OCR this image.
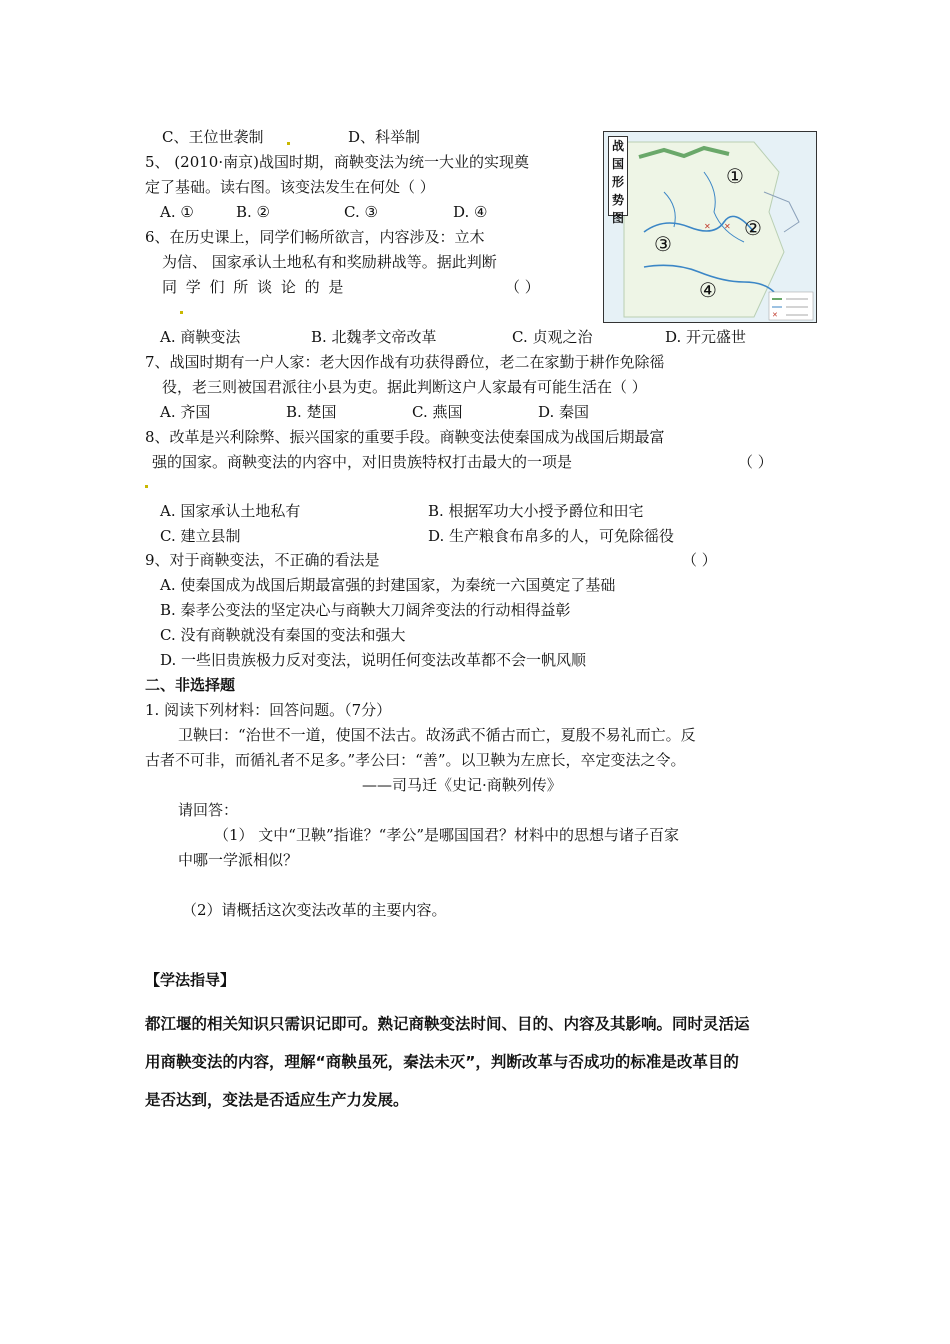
C、王位世袭制	D、科举制
5、 (2010·南京)战国时期，商鞅变法为统一大业的实现奠
定了基础。读右图。该变法发生在何处（ ）
A. ①	B. ②	C. ③	D. ④
6、在历史课上，同学们畅所欲言，内容涉及：立木
为信、 国家承认土地私有和奖励耕战等。据此判断
同 学 们 所 谈 论 的 是	（ ）
A. 商鞅变法	B. 北魏孝文帝改革	C. 贞观之治	D. 开元盛世
✕
✕
✕
战国形势图
①
②
③
④
7、战国时期有一户人家：老大因作战有功获得爵位，老二在家勤于耕作免除徭
役，老三则被国君派往小县为吏。据此判断这户人家最有可能生活在（ ）
A. 齐国	B. 楚国	C. 燕国	D. 秦国
8、改革是兴利除弊、振兴国家的重要手段。商鞅变法使秦国成为战国后期最富
强的国家。商鞅变法的内容中，对旧贵族特权打击最大的一项是	（ ）
A. 国家承认土地私有	B. 根据军功大小授予爵位和田宅
C. 建立县制	D. 生产粮食布帛多的人，可免除徭役
9、对于商鞅变法，不正确的看法是	（ ）
A. 使秦国成为战国后期最富强的封建国家，为秦统一六国奠定了基础
B. 秦孝公变法的坚定决心与商鞅大刀阔斧变法的行动相得益彰
C. 没有商鞅就没有秦国的变法和强大
D. 一些旧贵族极力反对变法，说明任何变法改革都不会一帆风顺
二、非选择题
1. 阅读下列材料：回答问题。（7分）
卫鞅曰：“治世不一道，使国不法古。故汤武不循古而亡，夏殷不易礼而亡。反
古者不可非，而循礼者不足多。”孝公曰：“善”。以卫鞅为左庶长，卒定变法之令。
——司马迁《史记·商鞅列传》
请回答：
（1） 文中“卫鞅”指谁？“孝公”是哪国国君？材料中的思想与诸子百家
中哪一学派相似？
（2）请概括这次变法改革的主要内容。
【学法指导】
都江堰的相关知识只需识记即可。熟记商鞅变法时间、目的、内容及其影响。同时灵活运
用商鞅变法的内容，理解“商鞅虽死，秦法未灭”，判断改革与否成功的标准是改革目的
是否达到，变法是否适应生产力发展。
